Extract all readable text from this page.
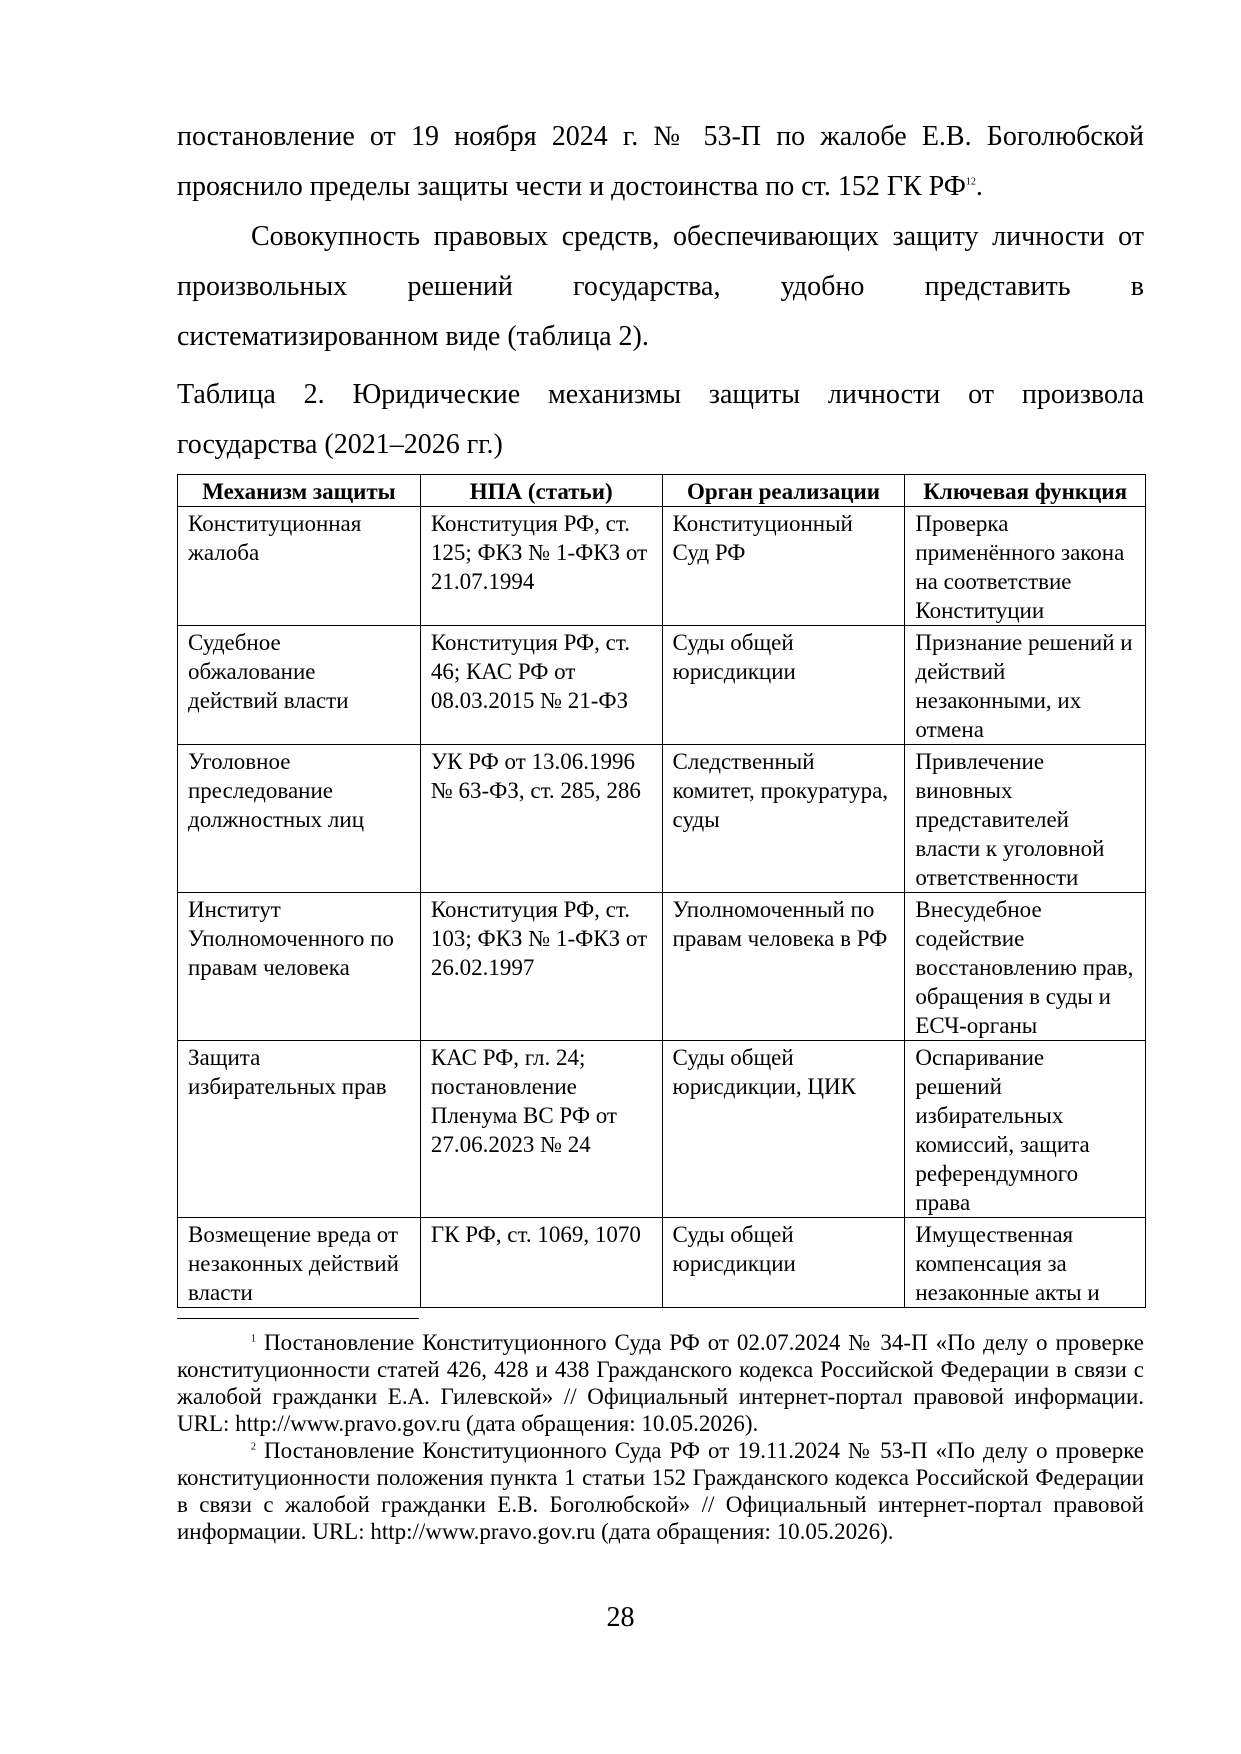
постановление от 19 ноября 2024 г. № 53-П по жалобе Е.В. Боголюбской прояснило пределы защиты чести и достоинства по ст. 152 ГК РФ$^{12}$.

Совокупность правовых средств, обеспечивающих защиту личности от произвольных решений государства, удобно представить в систематизированном виде (таблица 2).

Таблица 2. Юридические механизмы защиты личности от произвола государства (2021–2026 гг.)

Механизм защиты	НПА (статьи)	Орган реализации	Ключевая функция
Конституционная жалоба	Конституция РФ, ст. 125; ФКЗ № 1-ФКЗ от 21.07.1994	Конституционный Суд РФ	Проверка применённого закона на соответствие Конституции
Судебное обжалование действий власти	Конституция РФ, ст. 46; КАС РФ от 08.03.2015 № 21-ФЗ	Суды общей юрисдикции	Признание решений и действий незаконными, их отмена
Уголовное преследование должностных лиц	УК РФ от 13.06.1996 № 63-ФЗ, ст. 285, 286	Следственный комитет, прокуратура, суды	Привлечение виновных представителей власти к уголовной ответственности
Институт Уполномоченного по правам человека	Конституция РФ, ст. 103; ФКЗ № 1-ФКЗ от 26.02.1997	Уполномоченный по правам человека в РФ	Внесудебное содействие восстановлению прав, обращения в суды и ЕСЧ-органы
Защита избирательных прав	КАС РФ, гл. 24; постановление Пленума ВС РФ от 27.06.2023 № 24	Суды общей юрисдикции, ЦИК	Оспаривание решений избирательных комиссий, защита референдумного права
Возмещение вреда от незаконных действий власти	ГК РФ, ст. 1069, 1070	Суды общей юрисдикции	Имущественная компенсация за незаконные акты и

$^1$ Постановление Конституционного Суда РФ от 02.07.2024 № 34-П «По делу о проверке конституционности статей 426, 428 и 438 Гражданского кодекса Российской Федерации в связи с жалобой гражданки Е.А. Гилевской» // Официальный интернет-портал правовой информации. URL: http://www.pravo.gov.ru (дата обращения: 10.05.2026).

$^2$ Постановление Конституционного Суда РФ от 19.11.2024 № 53-П «По делу о проверке конституционности положения пункта 1 статьи 152 Гражданского кодекса Российской Федерации в связи с жалобой гражданки Е.В. Боголюбской» // Официальный интернет-портал правовой информации. URL: http://www.pravo.gov.ru (дата обращения: 10.05.2026).

28
